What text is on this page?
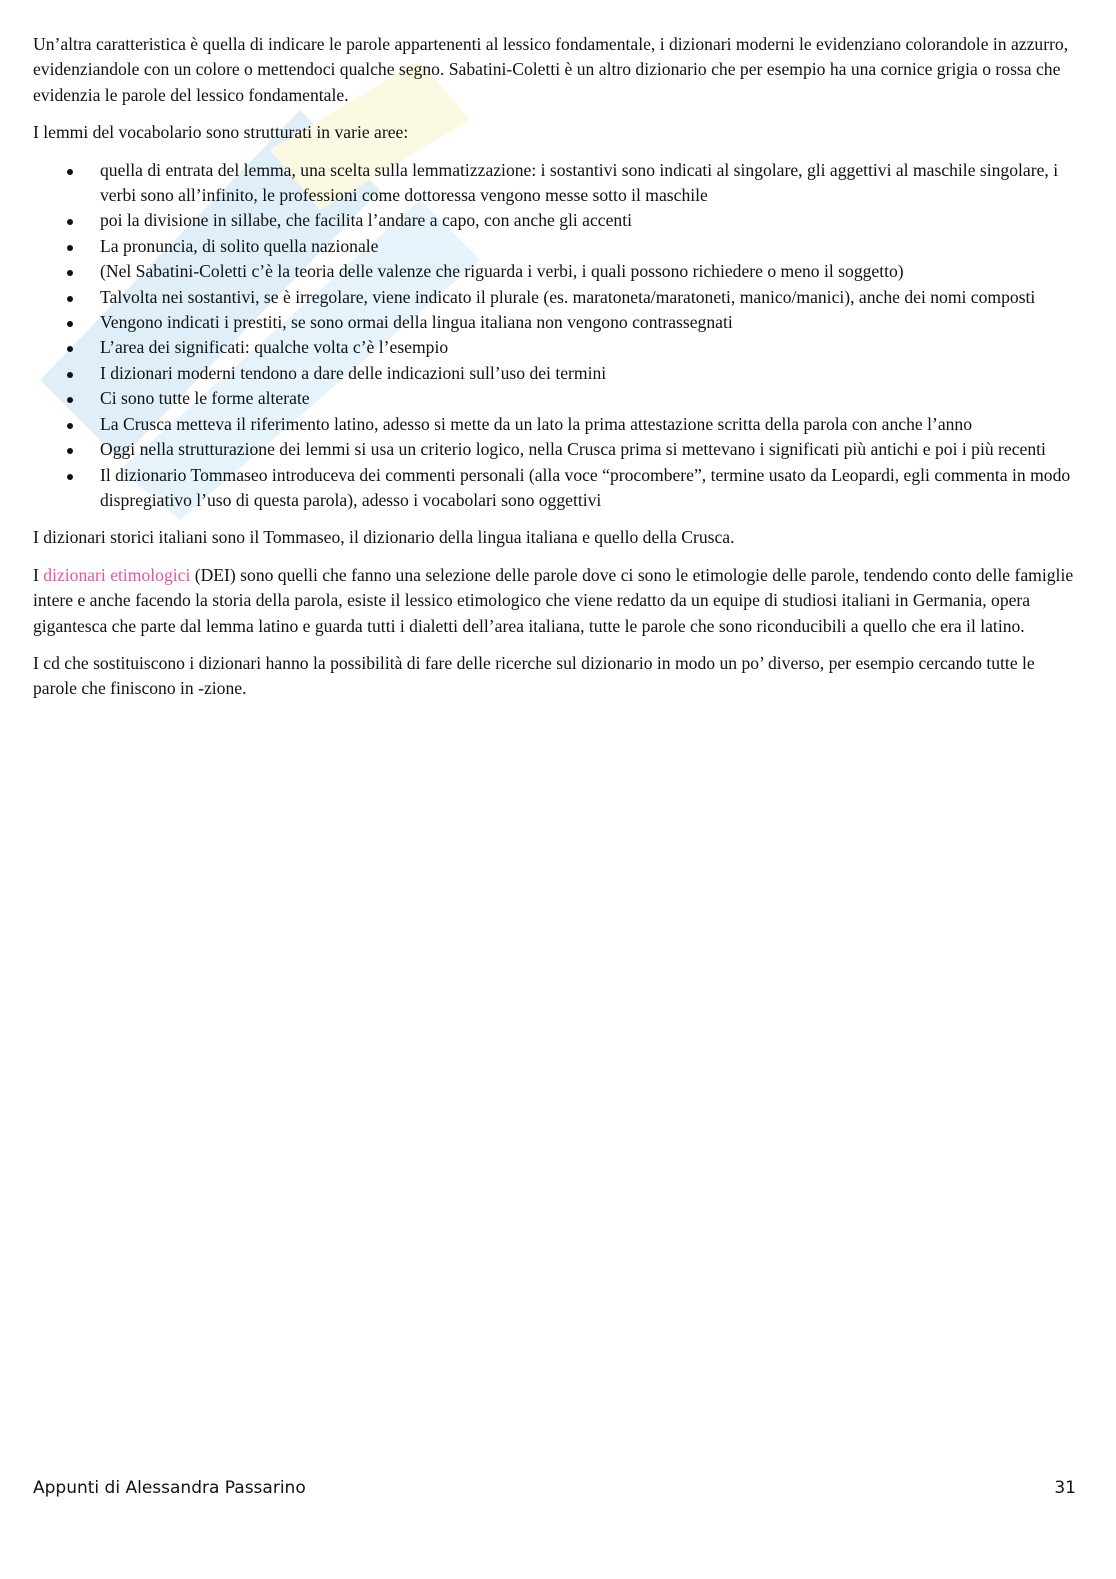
Un’altra caratteristica è quella di indicare le parole appartenenti al lessico fondamentale, i dizionari moderni le evidenziano colorandole in azzurro, evidenziandole con un colore o mettendoci qualche segno. Sabatini-Coletti è un altro dizionario che per esempio ha una cornice grigia o rossa che evidenzia le parole del lessico fondamentale.

I lemmi del vocabolario sono strutturati in varie aree:

quella di entrata del lemma, una scelta sulla lemmatizzazione: i sostantivi sono indicati al singolare, gli aggettivi al maschile singolare, i verbi sono all’infinito, le professioni come dottoressa vengono messe sotto il maschile
poi la divisione in sillabe, che facilita l’andare a capo, con anche gli accenti
La pronuncia, di solito quella nazionale
(Nel Sabatini-Coletti c’è la teoria delle valenze che riguarda i verbi, i quali possono richiedere o meno il soggetto)
Talvolta nei sostantivi, se è irregolare, viene indicato il plurale (es. maratoneta/maratoneti, manico/manici), anche dei nomi composti
Vengono indicati i prestiti, se sono ormai della lingua italiana non vengono contrassegnati
L’area dei significati: qualche volta c’è l’esempio
I dizionari moderni tendono a dare delle indicazioni sull’uso dei termini
Ci sono tutte le forme alterate
La Crusca metteva il riferimento latino, adesso si mette da un lato la prima attestazione scritta della parola con anche l’anno
Oggi nella strutturazione dei lemmi si usa un criterio logico, nella Crusca prima si mettevano i significati più antichi e poi i più recenti
Il dizionario Tommaseo introduceva dei commenti personali (alla voce “procombere”, termine usato da Leopardi, egli commenta in modo dispregiativo l’uso di questa parola), adesso i vocabolari sono oggettivi

I dizionari storici italiani sono il Tommaseo, il dizionario della lingua italiana e quello della Crusca.

I dizionari etimologici (DEI) sono quelli che fanno una selezione delle parole dove ci sono le etimologie delle parole, tendendo conto delle famiglie intere e anche facendo la storia della parola, esiste il lessico etimologico che viene redatto da un equipe di studiosi italiani in Germania, opera gigantesca che parte dal lemma latino e guarda tutti i dialetti dell’area italiana, tutte le parole che sono riconducibili a quello che era il latino.

I cd che sostituiscono i dizionari hanno la possibilità di fare delle ricerche sul dizionario in modo un po’ diverso, per esempio cercando tutte le parole che finiscono in -zione.

Appunti di Alessandra Passarino	31
